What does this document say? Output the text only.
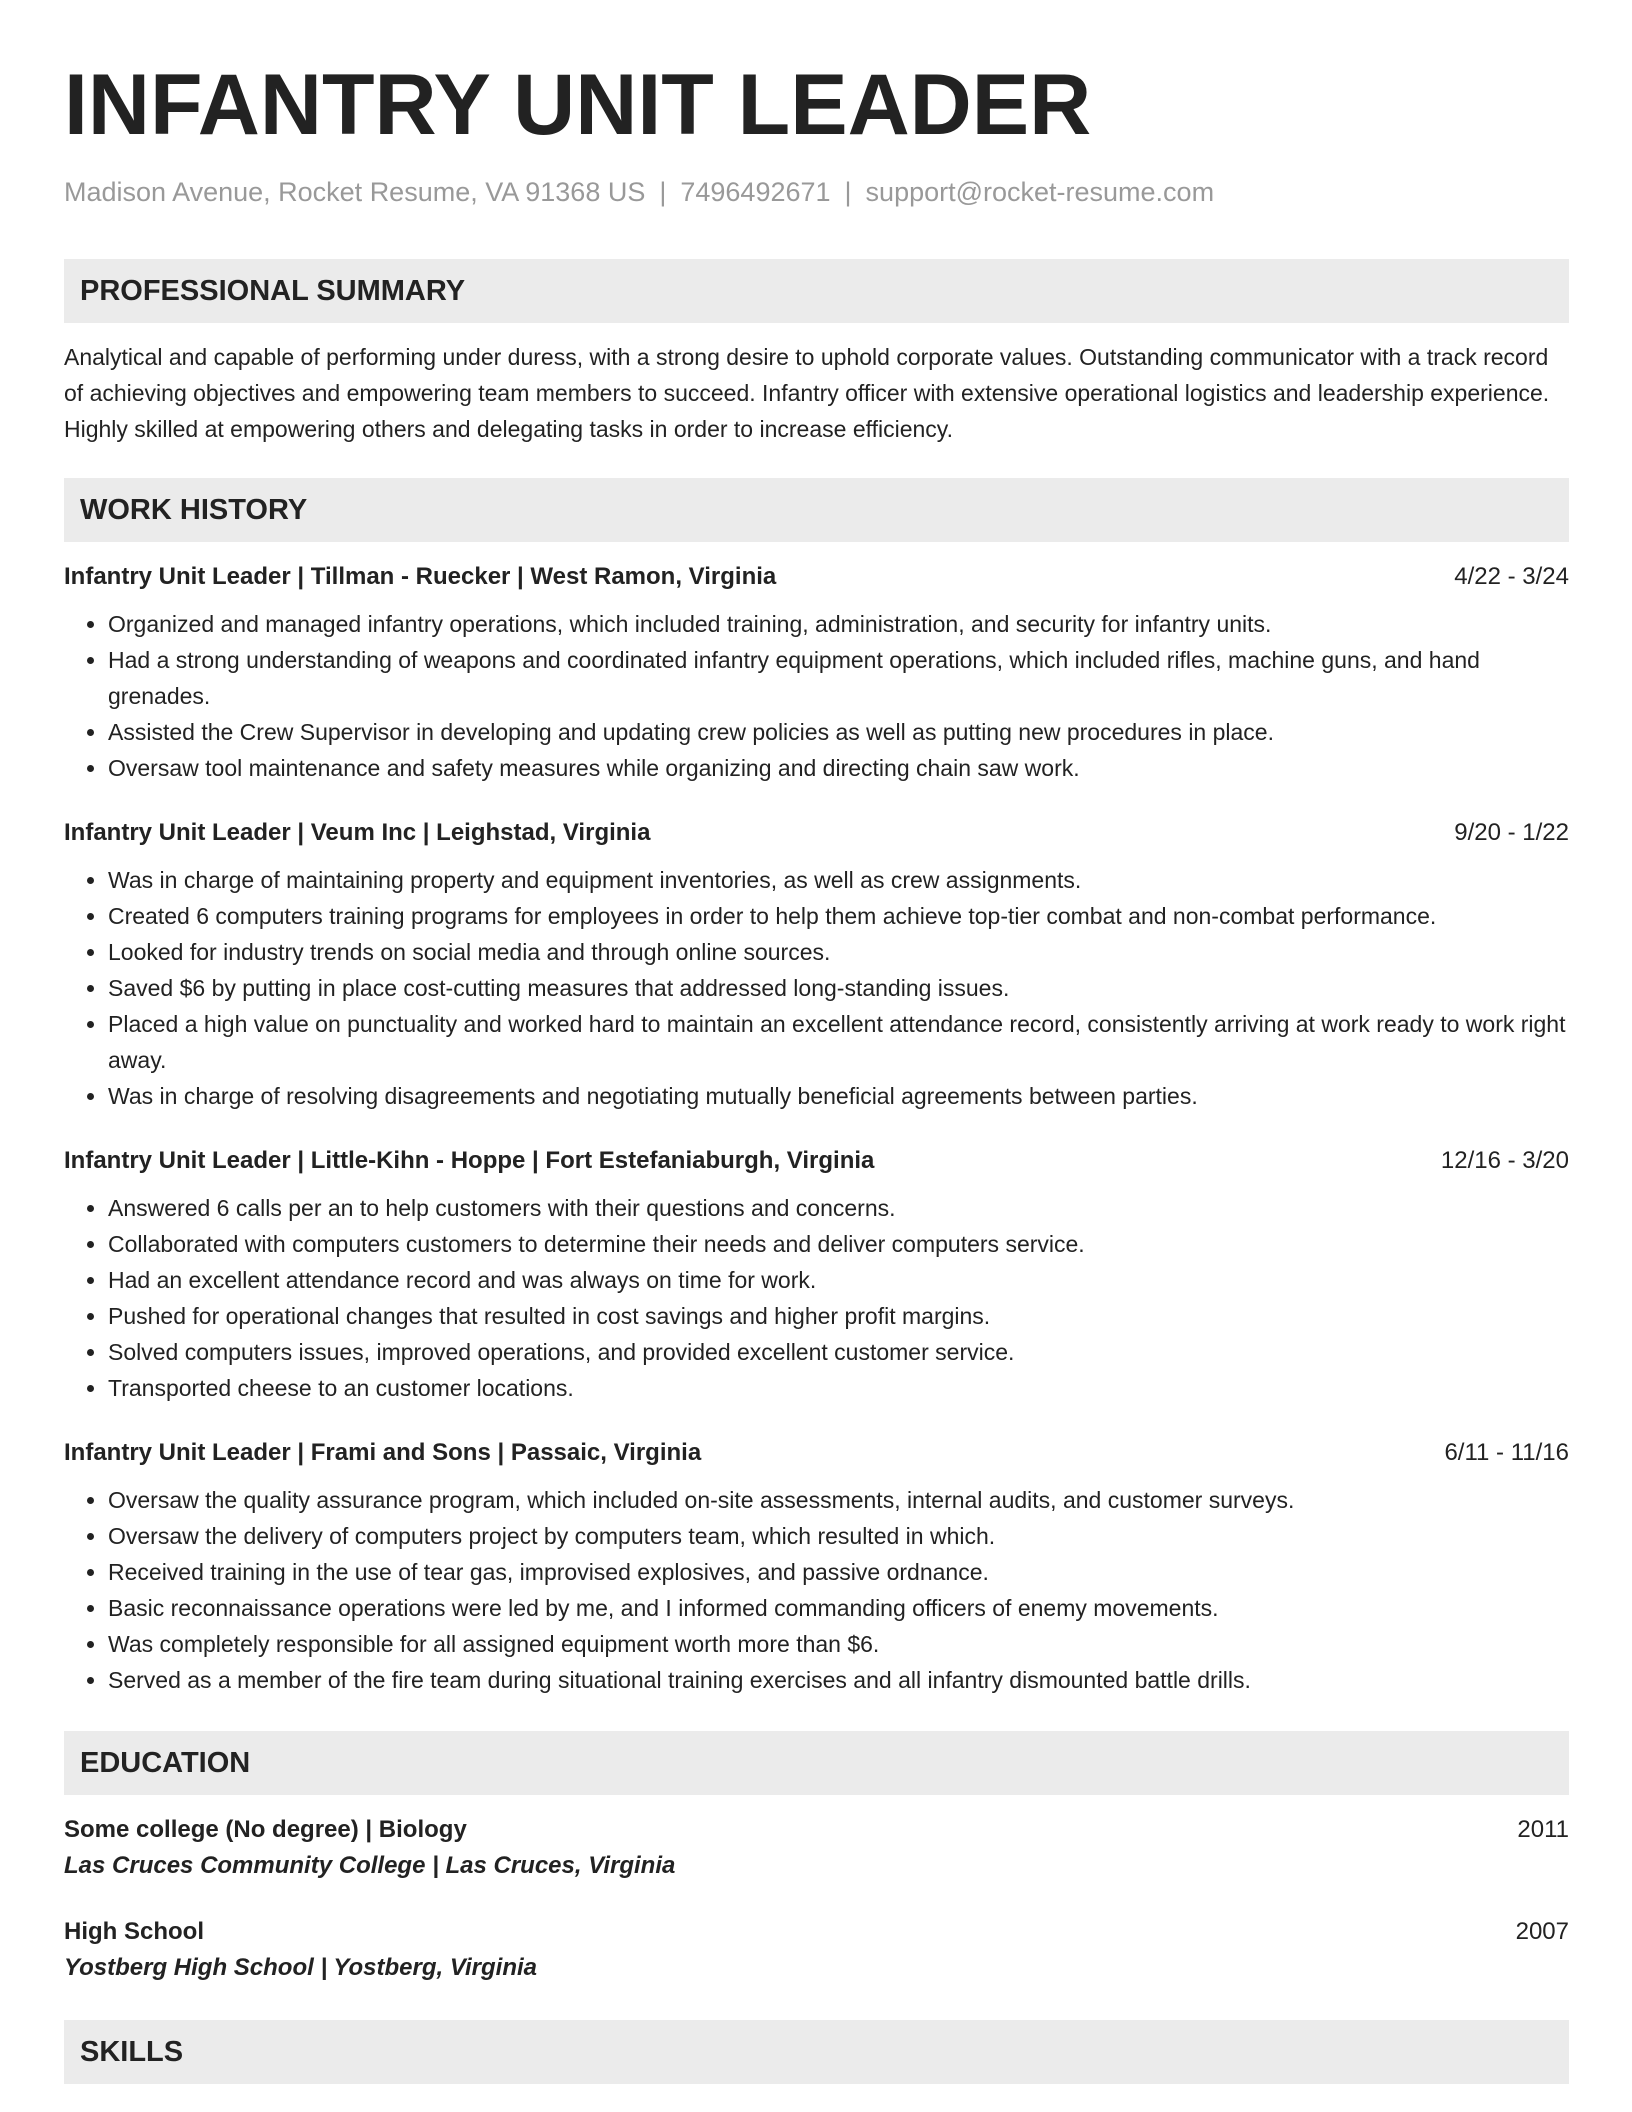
INFANTRY UNIT LEADER
Madison Avenue, Rocket Resume, VA 91368 US | 7496492671 | support@rocket-resume.com
PROFESSIONAL SUMMARY
Analytical and capable of performing under duress, with a strong desire to uphold corporate values. Outstanding communicator with a track record of achieving objectives and empowering team members to succeed. Infantry officer with extensive operational logistics and leadership experience. Highly skilled at empowering others and delegating tasks in order to increase efficiency.
WORK HISTORY
Infantry Unit Leader | Tillman - Ruecker | West Ramon, Virginia	4/22 - 3/24
• Organized and managed infantry operations, which included training, administration, and security for infantry units.
• Had a strong understanding of weapons and coordinated infantry equipment operations, which included rifles, machine guns, and hand grenades.
• Assisted the Crew Supervisor in developing and updating crew policies as well as putting new procedures in place.
• Oversaw tool maintenance and safety measures while organizing and directing chain saw work.
Infantry Unit Leader | Veum Inc | Leighstad, Virginia	9/20 - 1/22
• Was in charge of maintaining property and equipment inventories, as well as crew assignments.
• Created 6 computers training programs for employees in order to help them achieve top-tier combat and non-combat performance.
• Looked for industry trends on social media and through online sources.
• Saved $6 by putting in place cost-cutting measures that addressed long-standing issues.
• Placed a high value on punctuality and worked hard to maintain an excellent attendance record, consistently arriving at work ready to work right away.
• Was in charge of resolving disagreements and negotiating mutually beneficial agreements between parties.
Infantry Unit Leader | Little-Kihn - Hoppe | Fort Estefaniaburgh, Virginia	12/16 - 3/20
• Answered 6 calls per an to help customers with their questions and concerns.
• Collaborated with computers customers to determine their needs and deliver computers service.
• Had an excellent attendance record and was always on time for work.
• Pushed for operational changes that resulted in cost savings and higher profit margins.
• Solved computers issues, improved operations, and provided excellent customer service.
• Transported cheese to an customer locations.
Infantry Unit Leader | Frami and Sons | Passaic, Virginia	6/11 - 11/16
• Oversaw the quality assurance program, which included on-site assessments, internal audits, and customer surveys.
• Oversaw the delivery of computers project by computers team, which resulted in which.
• Received training in the use of tear gas, improvised explosives, and passive ordnance.
• Basic reconnaissance operations were led by me, and I informed commanding officers of enemy movements.
• Was completely responsible for all assigned equipment worth more than $6.
• Served as a member of the fire team during situational training exercises and all infantry dismounted battle drills.
EDUCATION
Some college (No degree) | Biology	2011
Las Cruces Community College | Las Cruces, Virginia
High School	2007
Yostberg High School | Yostberg, Virginia
SKILLS
